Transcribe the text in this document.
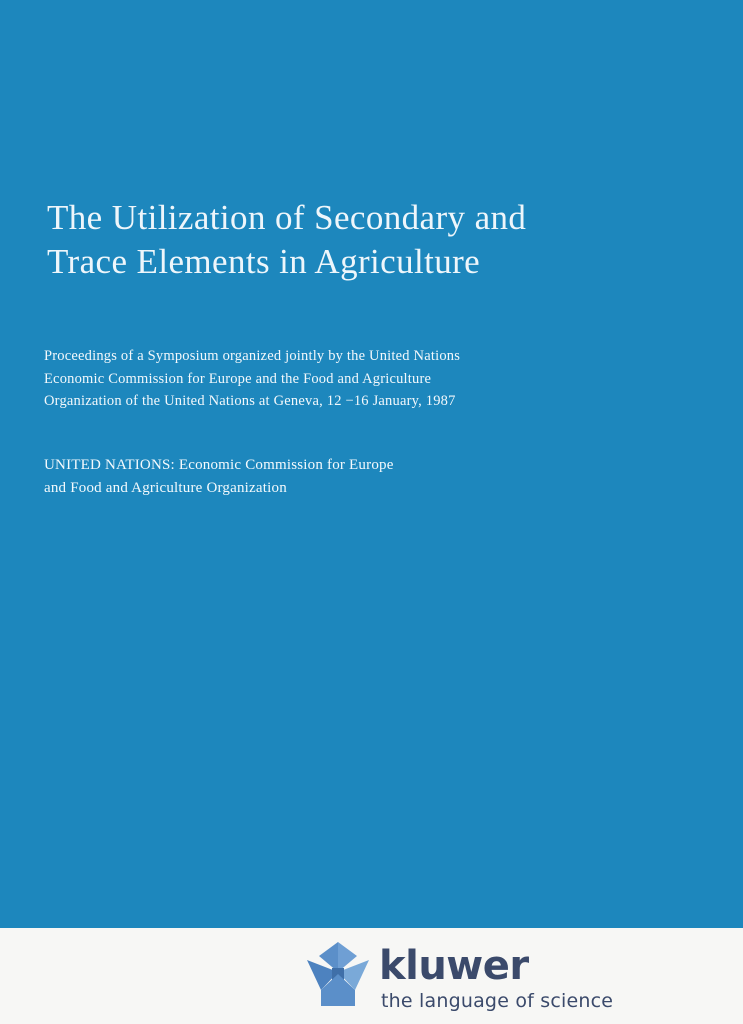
The Utilization of Secondary and
Trace Elements in Agriculture

Proceedings of a Symposium organized jointly by the United Nations

Economic Commission for Europe and the Food and Agriculture

Organization of the United Nations at Geneva, 12 −16 January, 1987

UNITED NATIONS: Economic Commission for Europe

and Food and Agriculture Organization

kluwer
the language of science
